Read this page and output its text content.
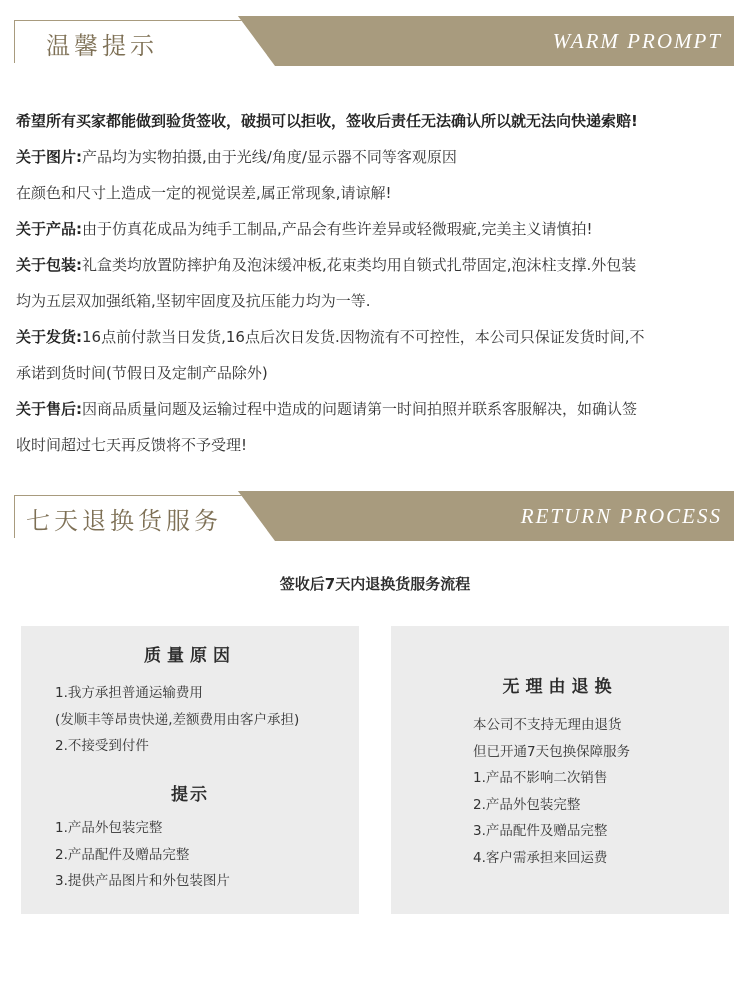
温馨提示	WARM PROMPT
希望所有买家都能做到验货签收，破损可以拒收，签收后责任无法确认所以就无法向快递索赔!
关于图片:产品均为实物拍摄,由于光线/角度/显示器不同等客观原因
在颜色和尺寸上造成一定的视觉误差,属正常现象,请谅解!
关于产品:由于仿真花成品为纯手工制品,产品会有些许差异或轻微瑕疵,完美主义请慎拍!
关于包装:礼盒类均放置防摔护角及泡沫缓冲板,花束类均用自锁式扎带固定,泡沫柱支撑.外包装
均为五层双加强纸箱,坚韧牢固度及抗压能力均为一等.
关于发货:16点前付款当日发货,16点后次日发货.因物流有不可控性，本公司只保证发货时间,不
承诺到货时间(节假日及定制产品除外)
关于售后:因商品质量问题及运输过程中造成的问题请第一时间拍照并联系客服解决，如确认签
收时间超过七天再反馈将不予受理!
七天退换货服务	RETURN PROCESS
签收后7天内退换货服务流程
质量原因
1.我方承担普通运输费用
(发顺丰等昂贵快递,差额费用由客户承担)
2.不接受到付件
提示
1.产品外包装完整
2.产品配件及赠品完整
3.提供产品图片和外包装图片
无理由退换
本公司不支持无理由退货
但已开通7天包换保障服务
1.产品不影响二次销售
2.产品外包装完整
3.产品配件及赠品完整
4.客户需承担来回运费
